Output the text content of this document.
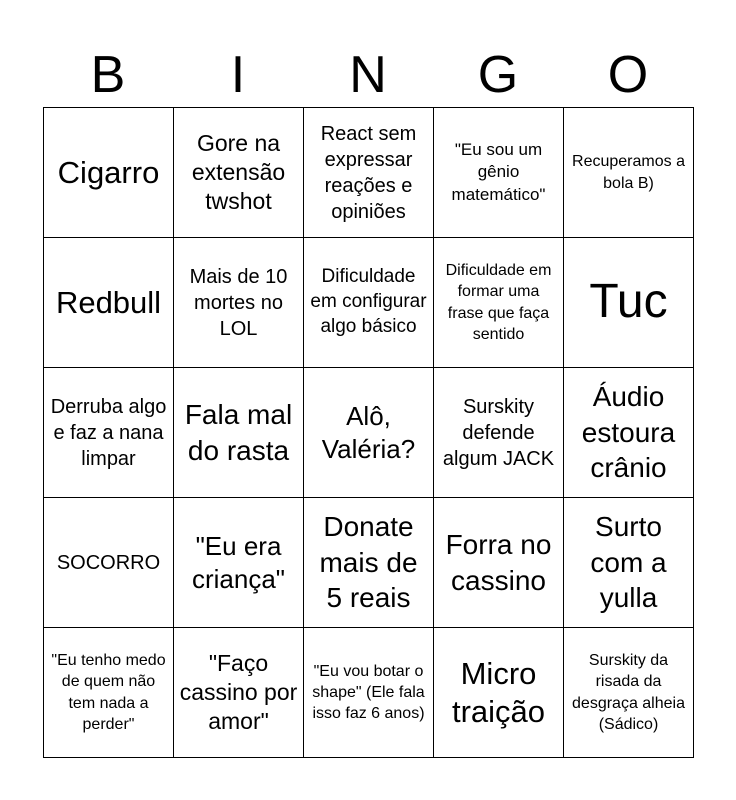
B	I	N	G	O
Cigarro
Gore na extensão twshot
React sem expressar reações e opiniões
"Eu sou um gênio matemático"
Recuperamos a bola B)
Redbull
Mais de 10 mortes no LOL
Dificuldade em configurar algo básico
Dificuldade em formar uma frase que faça sentido
Tuc
Derruba algo e faz a nana limpar
Fala mal do rasta
Alô, Valéria?
Surskity defende algum JACK
Áudio estoura crânio
SOCORRO
"Eu era criança"
Donate mais de 5 reais
Forra no cassino
Surto com a yulla
"Eu tenho medo de quem não tem nada a perder"
"Faço cassino por amor"
"Eu vou botar o shape" (Ele fala isso faz 6 anos)
Micro traição
Surskity da risada da desgraça alheia (Sádico)
